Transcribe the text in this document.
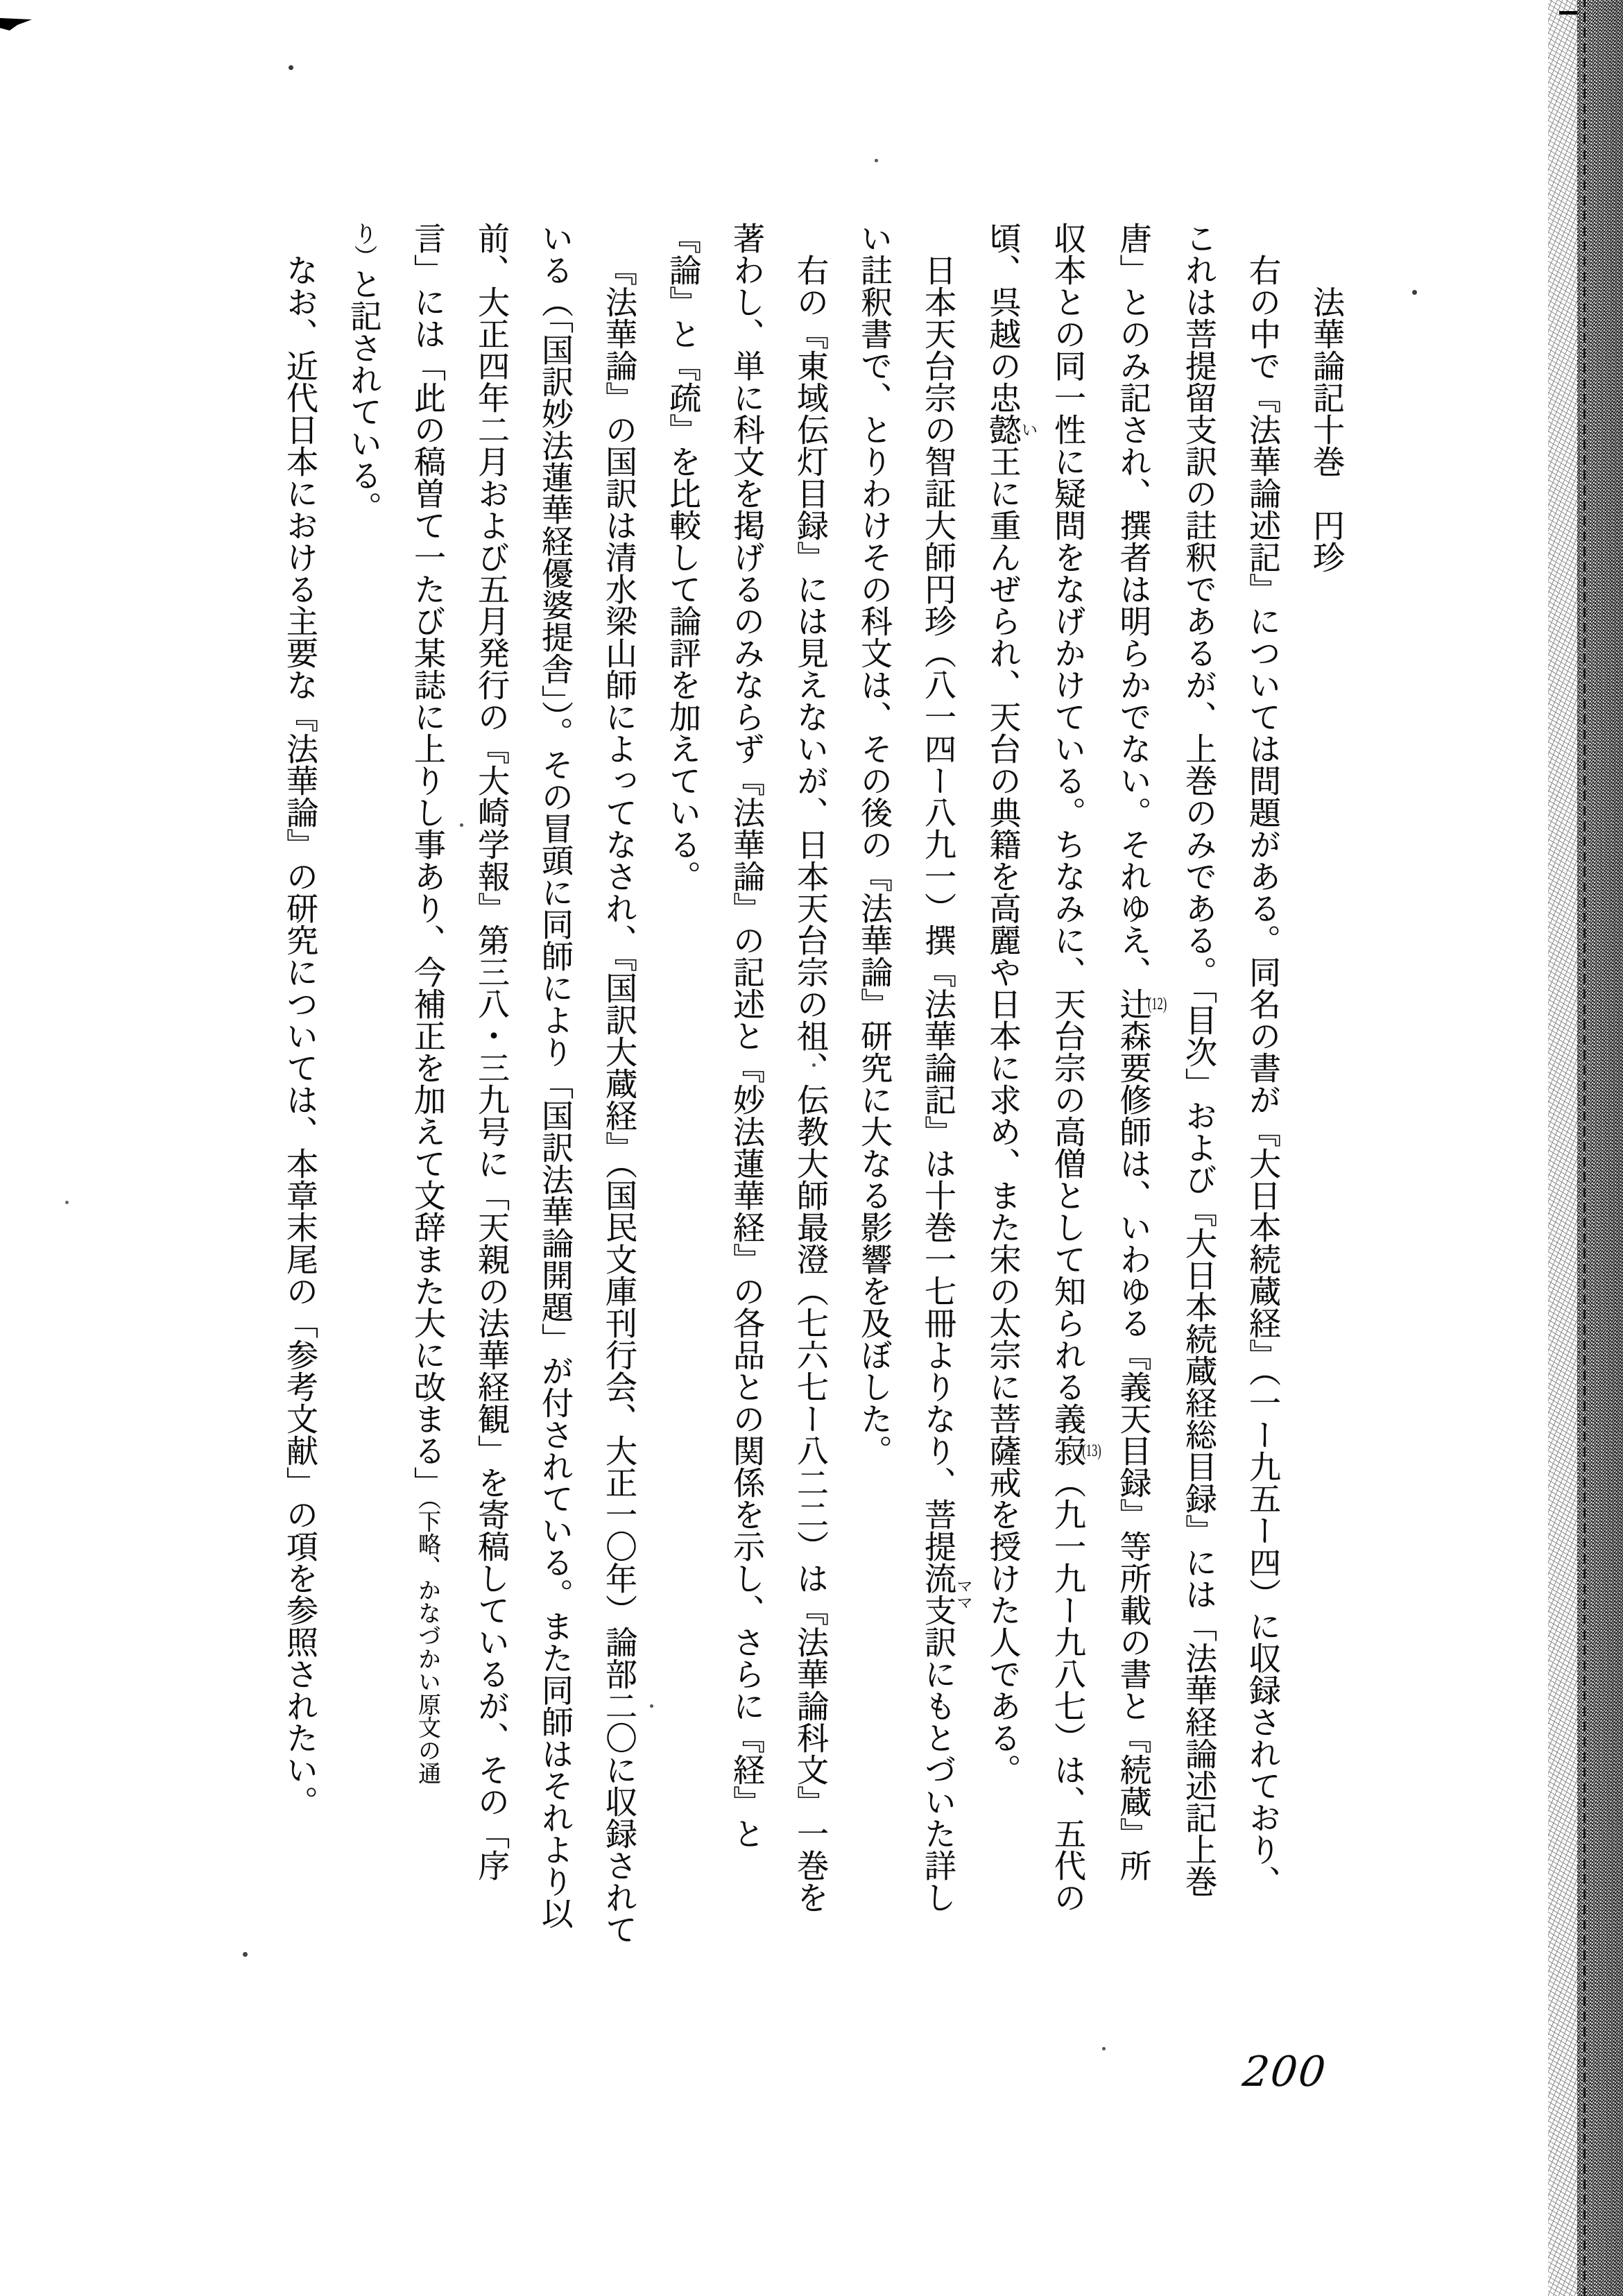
法華論記十巻　円珍
右の中で『法華論述記』については問題がある。同名の書が『大日本続蔵経』（一ー九五ー四）に収録されており、
これは菩提留支訳の註釈であるが、上巻のみである。「目次」および『大日本続蔵経総目録』には「法華経論述記上巻
唐」とのみ記され、撰者は明らかでない。それゆえ、辻(12)森要修師は、いわゆる『義天目録』等所載の書と『続蔵』所
収本との同一性に疑問をなげかけている。ちなみに、天台宗の高僧として知られる義寂(13)（九一九ー九八七）は、五代の
頃、呉越の忠懿い王に重んぜられ、天台の典籍を高麗や日本に求め、また宋の太宗に菩薩戒を授けた人である。
日本天台宗の智証大師円珍（八一四ー八九一）撰『法華論記』は十巻一七冊よりなり、菩提流支ママ訳にもとづいた詳し
い註釈書で、とりわけその科文は、その後の『法華論』研究に大なる影響を及ぼした。
右の『東域伝灯目録』には見えないが、日本天台宗の祖、伝教大師最澄（七六七ー八二二）は『法華論科文』一巻を
著わし、単に科文を掲げるのみならず『法華論』の記述と『妙法蓮華経』の各品との関係を示し、さらに『経』と
『論』と『疏』を比較して論評を加えている。
『法華論』の国訳は清水梁山師によってなされ、『国訳大蔵経』（国民文庫刊行会、大正一〇年）論部二〇に収録されて
いる（「国訳妙法蓮華経優婆提舎」）。その冒頭に同師により「国訳法華論開題」が付されている。また同師はそれより以
前、大正四年二月および五月発行の『大崎学報』第三八・三九号に「天親の法華経観」を寄稿しているが、その「序
言」には「此の稿曽て一たび某誌に上りし事あり、今補正を加えて文辞また大に改まる」（下略、かなづかい原文の通
り）と記されている。
なお、近代日本における主要な『法華論』の研究については、本章末尾の「参考文献」の項を参照されたい。
200
